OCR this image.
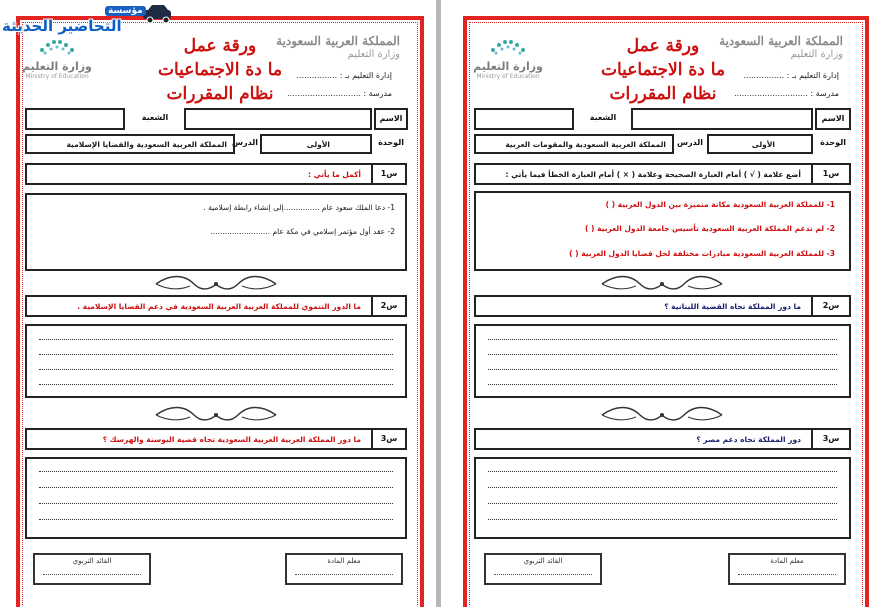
المملكة العربية السعودية
وزارة التعليم
إدارة التعليم بـ : ................
مدرسة : .............................
ورقة عمل
ما دة الاجتماعيات
نظام المقررات
وزارة التعليم
Ministry of Education
الشعبة	الاسم
المملكة العربية السعودية والقضايا الإسلامية الدرس	الأولى	الوحدة
أكمل ما يأتي :	س1
1- دعا الملك سعود عام ...............إلى إنشاء رابطة إسلامية .
2- عقد أول مؤتمر إسلامي في مكة عام .........................
ما الدور التنموي للمملكة العربية العربية السعودية في دعم القضايا الإسلامية .	س2
ما دور المملكة العربية العربية السعودية تجاه قضية البوسنة والهرسك ؟	س3
القائد التربوي	معلم المادة
مؤسسة
التحاضير الحديثة
المملكة العربية السعودية
وزارة التعليم
إدارة التعليم بـ : ................
مدرسة : .............................
ورقة عمل
ما دة الاجتماعيات
نظام المقررات
وزارة التعليم
Ministry of Education
الشعبة	الاسم
المملكة العربية السعودية والمقومات العربية الدرس	الأولى	الوحدة
أضع علامة ( √ ) أمام العبارة الصحيحة وعلامة ( × ) أمام العبارة الخطأ فيما يأتي :	س1
1- للمملكة العربية السعودية مكانة متميزة بين الدول العربية ( )
2- لم تدعم المملكة العربية السعودية تأسيس جامعة الدول العربية ( )
3- للمملكة العربية السعودية مبادرات مختلفة لحل قضايا الدول العربية ( )
ما دور المملكة تجاه القضية اللبنانية ؟	س2
دور المملكة تجاه دعم مصر ؟	س3
القائد التربوي	معلم المادة
